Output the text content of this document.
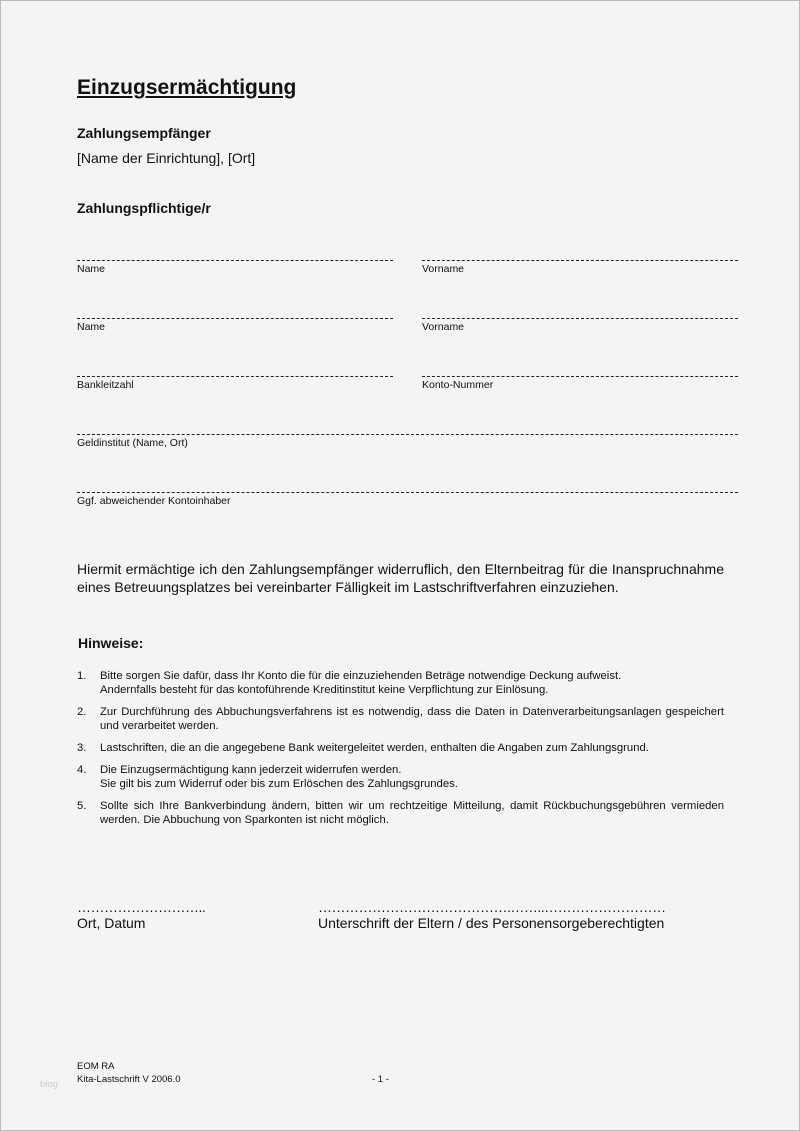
Einzugsermächtigung
Zahlungsempfänger
[Name der Einrichtung], [Ort]
Zahlungspflichtige/r
Name	Vorname
Name	Vorname
Bankleitzahl	Konto-Nummer
Geldinstitut (Name, Ort)
Ggf. abweichender Kontoinhaber
Hiermit ermächtige ich den Zahlungsempfänger widerruflich, den Elternbeitrag für die Inanspruchnahme eines Betreuungsplatzes bei vereinbarter Fälligkeit im Lastschriftverfahren einzuziehen.
Hinweise:
1.	Bitte sorgen Sie dafür, dass Ihr Konto die für die einzuziehenden Beträge notwendige Deckung aufweist.
Andernfalls besteht für das kontoführende Kreditinstitut keine Verpflichtung zur Einlösung.
2.	Zur Durchführung des Abbuchungsverfahrens ist es notwendig, dass die Daten in Datenverarbeitungsanlagen gespeichert und verarbeitet werden.
3.	Lastschriften, die an die angegebene Bank weitergeleitet werden, enthalten die Angaben zum Zahlungsgrund.
4.	Die Einzugsermächtigung kann jederzeit widerrufen werden.
Sie gilt bis zum Widerruf oder bis zum Erlöschen des Zahlungsgrundes.
5.	Sollte sich Ihre Bankverbindung ändern, bitten wir um rechtzeitige Mitteilung, damit Rückbuchungsgebühren vermieden werden. Die Abbuchung von Sparkonten ist nicht möglich.
………………………..	…………………………………….……..………………………
Ort, Datum	Unterschrift der Eltern / des Personensorgeberechtigten
EOM RA
Kita-Lastschrift V 2006.0	- 1 -
blog
